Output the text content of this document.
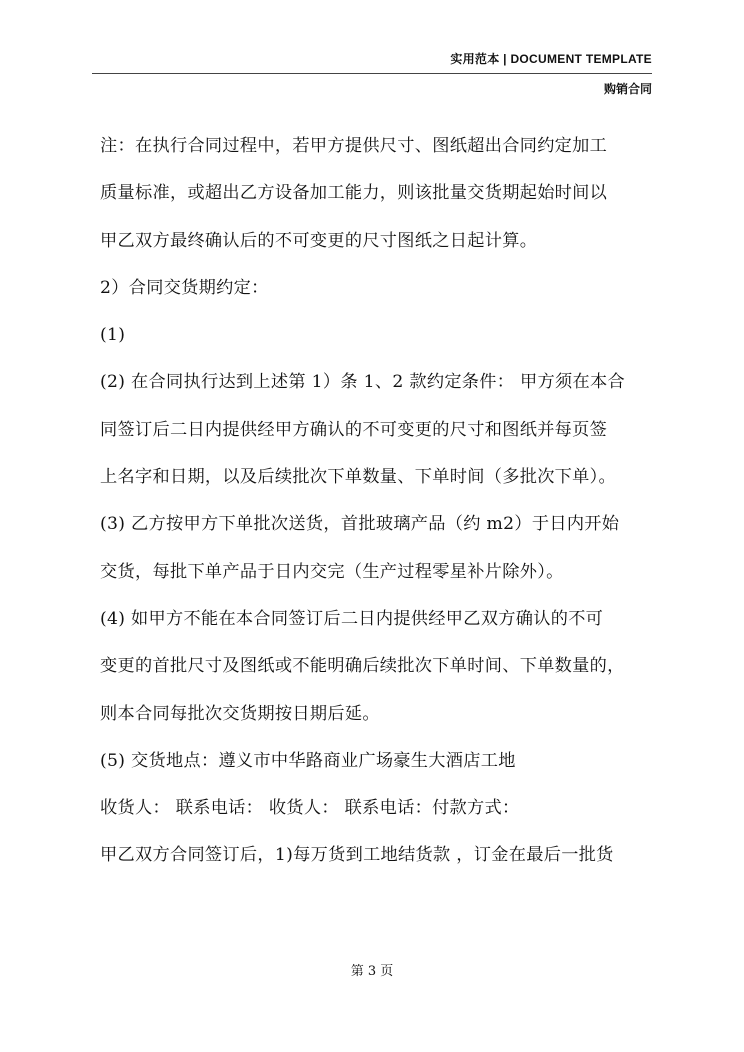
实用范本 | DOCUMENT TEMPLATE
购销合同
注：在执行合同过程中，若甲方提供尺寸、图纸超出合同约定加工
质量标准，或超出乙方设备加工能力，则该批量交货期起始时间以
甲乙双方最终确认后的不可变更的尺寸图纸之日起计算。
2）合同交货期约定：
(1)
(2) 在合同执行达到上述第 1）条 1、2 款约定条件： 甲方须在本合
同签订后二日内提供经甲方确认的不可变更的尺寸和图纸并每页签
上名字和日期，以及后续批次下单数量、下单时间（多批次下单）。
(3) 乙方按甲方下单批次送货，首批玻璃产品（约 m2）于日内开始
交货，每批下单产品于日内交完（生产过程零星补片除外）。
(4) 如甲方不能在本合同签订后二日内提供经甲乙双方确认的不可
变更的首批尺寸及图纸或不能明确后续批次下单时间、下单数量的，
则本合同每批次交货期按日期后延。
(5) 交货地点：遵义市中华路商业广场豪生大酒店工地
收货人： 联系电话： 收货人： 联系电话：付款方式：
甲乙双方合同签订后，1)每万货到工地结货款 ，订金在最后一批货
第 3 页
